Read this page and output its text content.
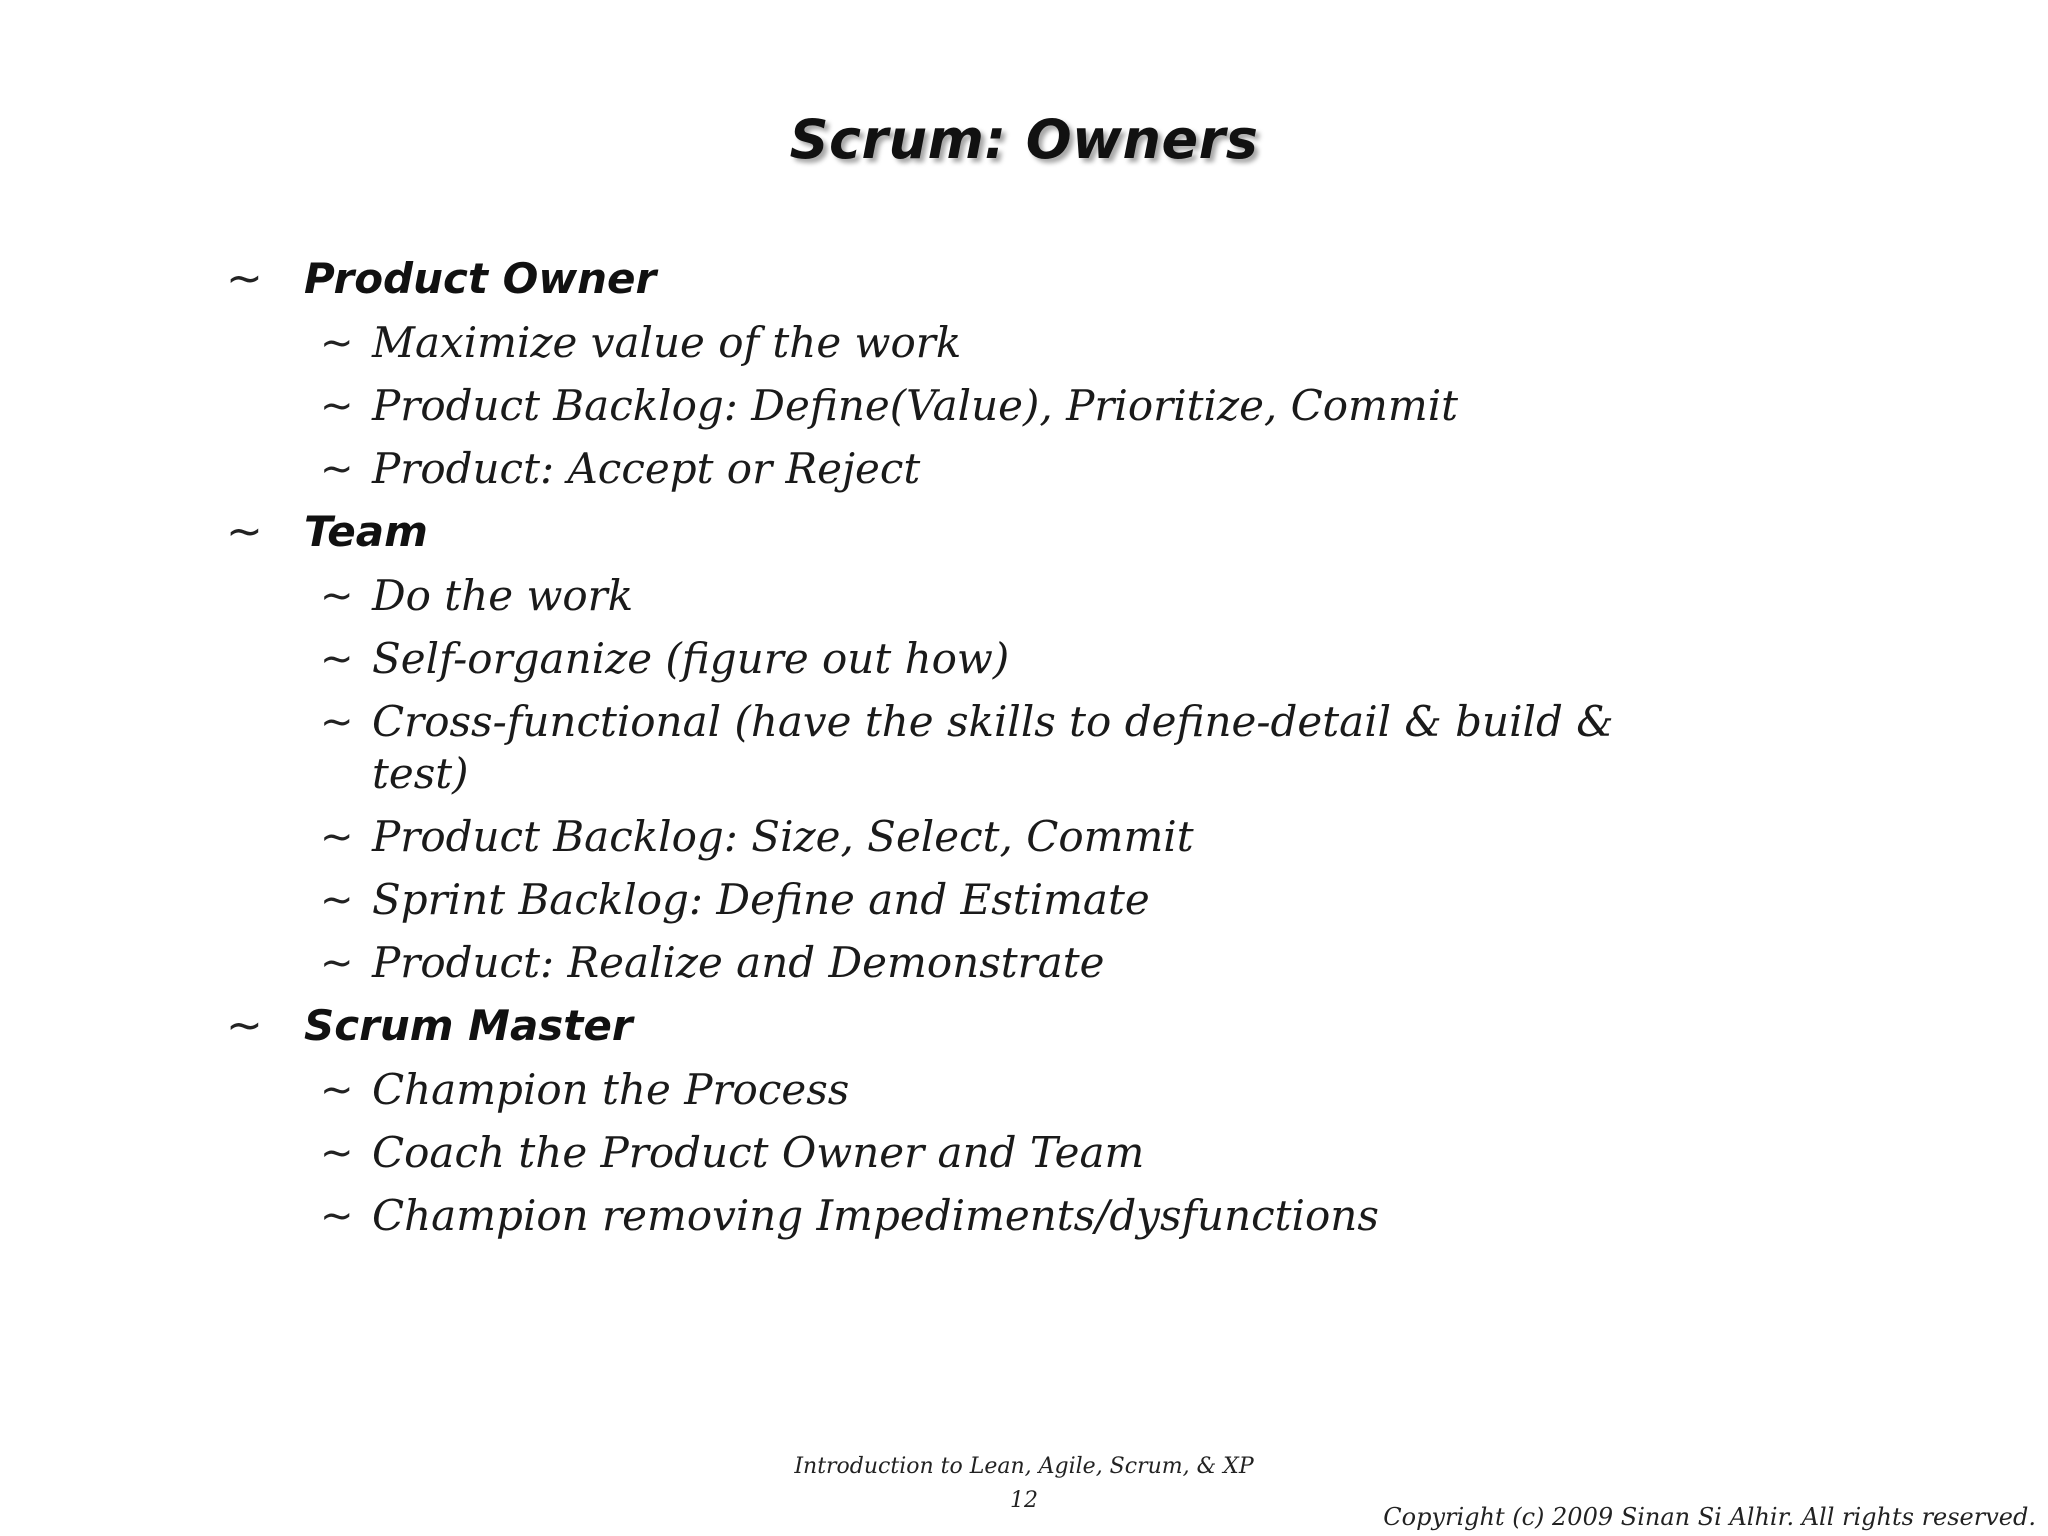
Scrum: Owners
~ Product Owner
~ Maximize value of the work
~ Product Backlog: Define(Value), Prioritize, Commit
~ Product: Accept or Reject
~ Team
~ Do the work
~ Self-organize (figure out how)
~ Cross-functional (have the skills to define-detail & build & test)
~ Product Backlog: Size, Select, Commit
~ Sprint Backlog: Define and Estimate
~ Product: Realize and Demonstrate
~ Scrum Master
~ Champion the Process
~ Coach the Product Owner and Team
~ Champion removing Impediments/dysfunctions
Introduction to Lean, Agile, Scrum, & XP
12
Copyright (c) 2009 Sinan Si Alhir. All rights reserved.
